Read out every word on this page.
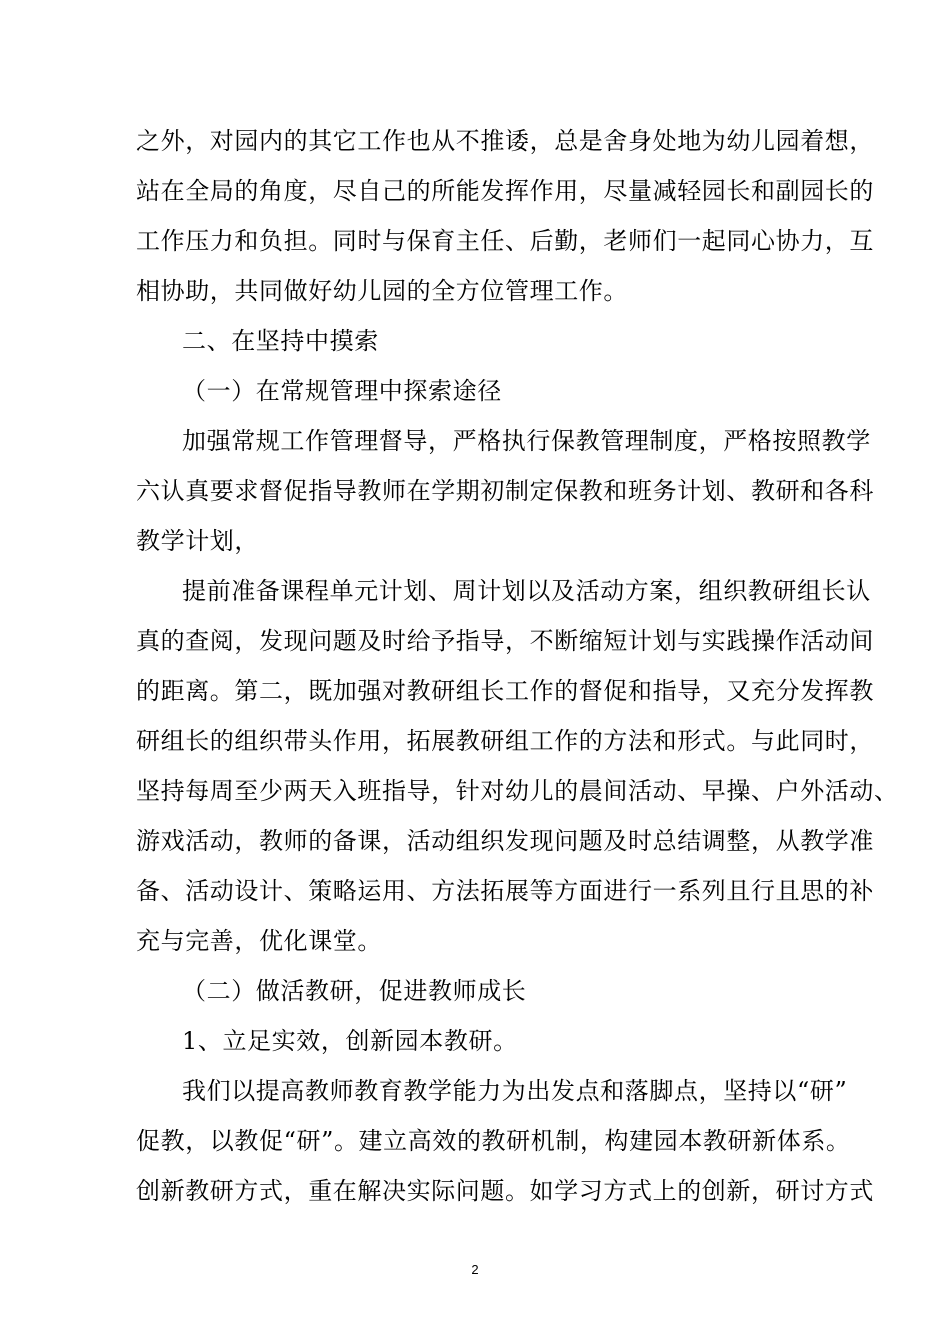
之外，对园内的其它工作也从不推诿，总是舍身处地为幼儿园着想，
站在全局的角度，尽自己的所能发挥作用，尽量减轻园长和副园长的
工作压力和负担。同时与保育主任、后勤，老师们一起同心协力，互
相协助，共同做好幼儿园的全方位管理工作。
二、在坚持中摸索
（一）在常规管理中探索途径
加强常规工作管理督导，严格执行保教管理制度，严格按照教学
六认真要求督促指导教师在学期初制定保教和班务计划、教研和各科
教学计划，
提前准备课程单元计划、周计划以及活动方案，组织教研组长认
真的查阅，发现问题及时给予指导，不断缩短计划与实践操作活动间
的距离。第二，既加强对教研组长工作的督促和指导，又充分发挥教
研组长的组织带头作用，拓展教研组工作的方法和形式。与此同时，
坚持每周至少两天入班指导，针对幼儿的晨间活动、早操、户外活动、
游戏活动，教师的备课，活动组织发现问题及时总结调整，从教学准
备、活动设计、策略运用、方法拓展等方面进行一系列且行且思的补
充与完善，优化课堂。
（二）做活教研，促进教师成长
1、立足实效，创新园本教研。
我们以提高教师教育教学能力为出发点和落脚点，坚持以“研”
促教，以教促“研”。建立高效的教研机制，构建园本教研新体系。
创新教研方式，重在解决实际问题。如学习方式上的创新，研讨方式
2
